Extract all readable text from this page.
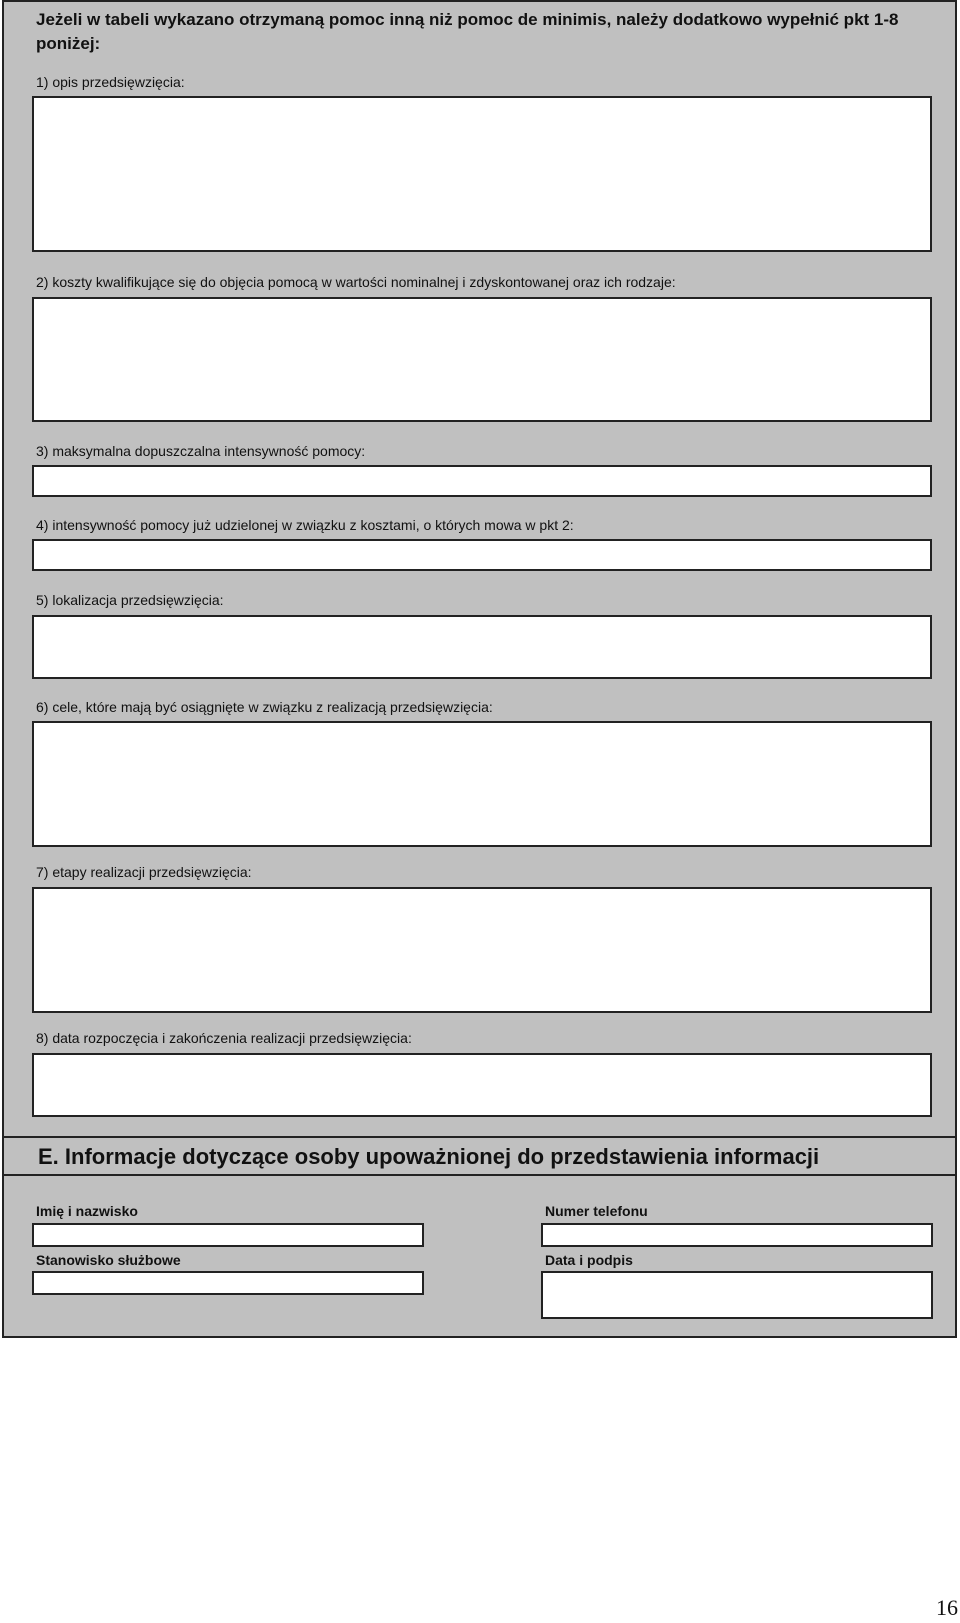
Jeżeli w tabeli wykazano otrzymaną pomoc inną niż pomoc de minimis, należy dodatkowo wypełnić pkt 1-8 poniżej:
1) opis przedsięwzięcia:
2) koszty kwalifikujące się do objęcia pomocą w wartości nominalnej i zdyskontowanej oraz ich rodzaje:
3) maksymalna dopuszczalna intensywność pomocy:
4) intensywność pomocy już udzielonej w związku z kosztami, o których mowa w pkt 2:
5) lokalizacja przedsięwzięcia:
6) cele, które mają być osiągnięte w związku z realizacją przedsięwzięcia:
7) etapy realizacji przedsięwzięcia:
8) data rozpoczęcia i zakończenia realizacji przedsięwzięcia:
E. Informacje dotyczące osoby upoważnionej do przedstawienia informacji
Imię i nazwisko	Numer telefonu
Stanowisko służbowe	Data i podpis
16
